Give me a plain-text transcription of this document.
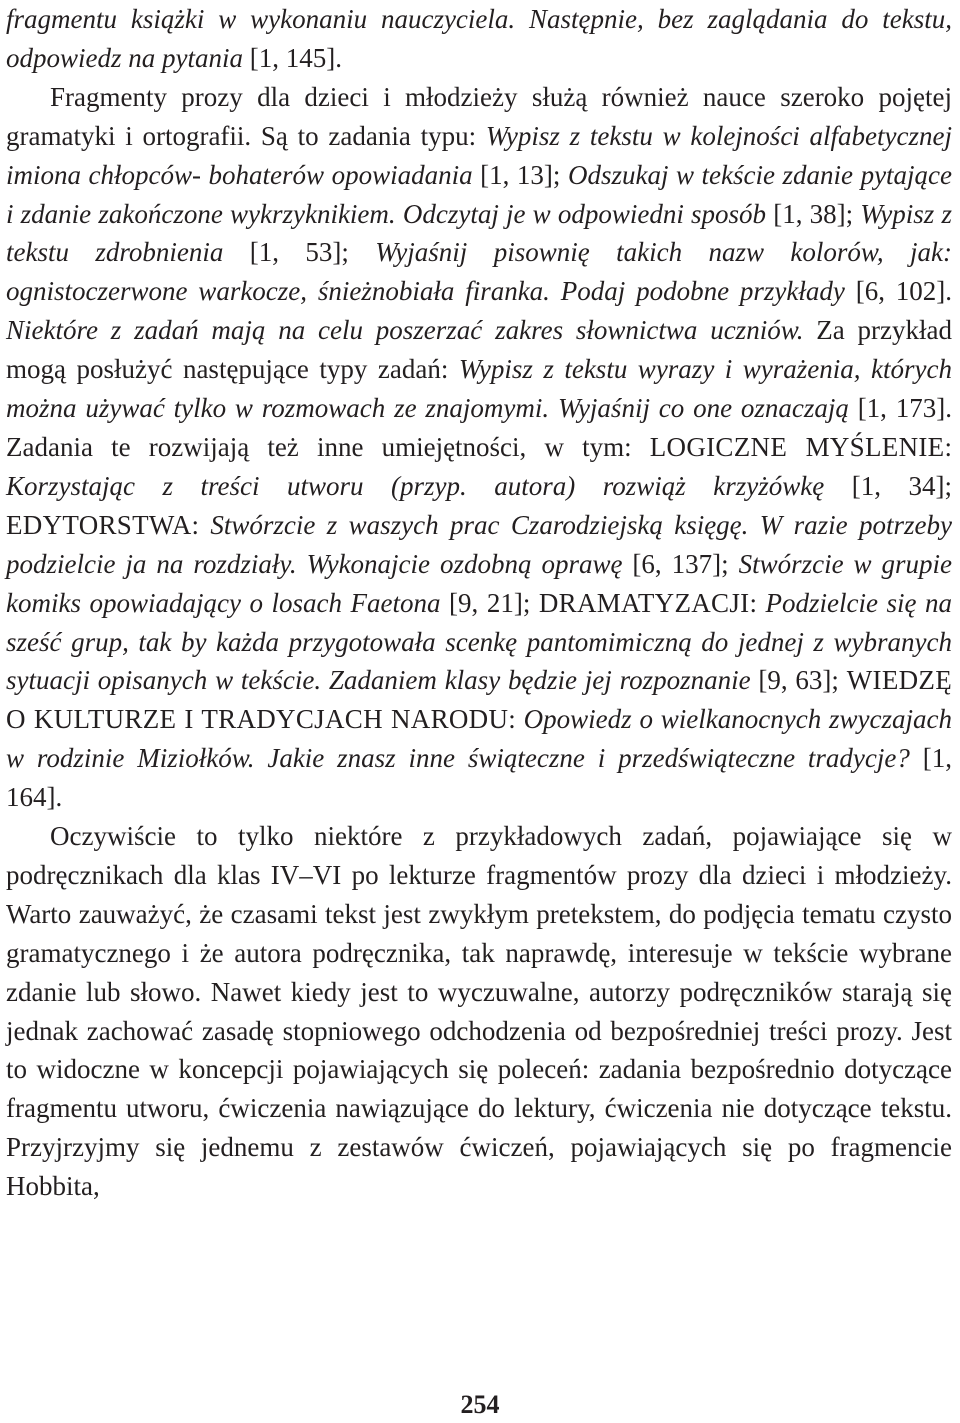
fragmentu książki w wykonaniu nauczyciela. Następnie, bez zaglądania do tekstu, odpowiedz na pytania [1, 145].

Fragmenty prozy dla dzieci i młodzieży służą również nauce szeroko pojętej gramatyki i ortografii. Są to zadania typu: Wypisz z tekstu w kolejności alfabetycznej imiona chłopców- bohaterów opowiadania [1, 13]; Odszukaj w tekście zdanie pytające i zdanie zakończone wykrzyknikiem. Odczytaj je w odpowiedni sposób [1, 38]; Wypisz z tekstu zdrobnienia [1, 53]; Wyjaśnij pisownię takich nazw kolorów, jak: ognistoczerwone warkocze, śnieżnobiała firanka. Podaj podobne przykłady [6, 102]. Niektóre z zadań mają na celu poszerzać zakres słownictwa uczniów. Za przykład mogą posłużyć następujące typy zadań: Wypisz z tekstu wyrazy i wyrażenia, których można używać tylko w rozmowach ze znajomymi. Wyjaśnij co one oznaczają [1, 173]. Zadania te rozwijają też inne umiejętności, w tym: LOGICZNE MYŚLENIE: Korzystając z treści utworu (przyp. autora) rozwiąż krzyżówkę [1, 34]; EDYTORSTWA: Stwórzcie z waszych prac Czarodziejską księgę. W razie potrzeby podzielcie ja na rozdziały. Wykonajcie ozdobną oprawę [6, 137]; Stwórzcie w grupie komiks opowiadający o losach Faetona [9, 21]; DRAMATYZACJI: Podzielcie się na sześć grup, tak by każda przygotowała scenkę pantomimiczną do jednej z wybranych sytuacji opisanych w tekście. Zadaniem klasy będzie jej rozpoznanie [9, 63]; WIEDZĘ O KULTURZE I TRADYCJACH NARODU: Opowiedz o wielkanocnych zwyczajach w rodzinie Miziołków. Jakie znasz inne świąteczne i przedświąteczne tradycje? [1, 164].

Oczywiście to tylko niektóre z przykładowych zadań, pojawiające się w podręcznikach dla klas IV–VI po lekturze fragmentów prozy dla dzieci i młodzieży. Warto zauważyć, że czasami tekst jest zwykłym pretekstem, do podjęcia tematu czysto gramatycznego i że autora podręcznika, tak naprawdę, interesuje w tekście wybrane zdanie lub słowo. Nawet kiedy jest to wyczuwalne, autorzy podręczników starają się jednak zachować zasadę stopniowego odchodzenia od bezpośredniej treści prozy. Jest to widoczne w koncepcji pojawiających się poleceń: zadania bezpośrednio dotyczące fragmentu utworu, ćwiczenia nawiązujące do lektury, ćwiczenia nie dotyczące tekstu. Przyjrzyjmy się jednemu z zestawów ćwiczeń, pojawiających się po fragmencie Hobbita,

254
